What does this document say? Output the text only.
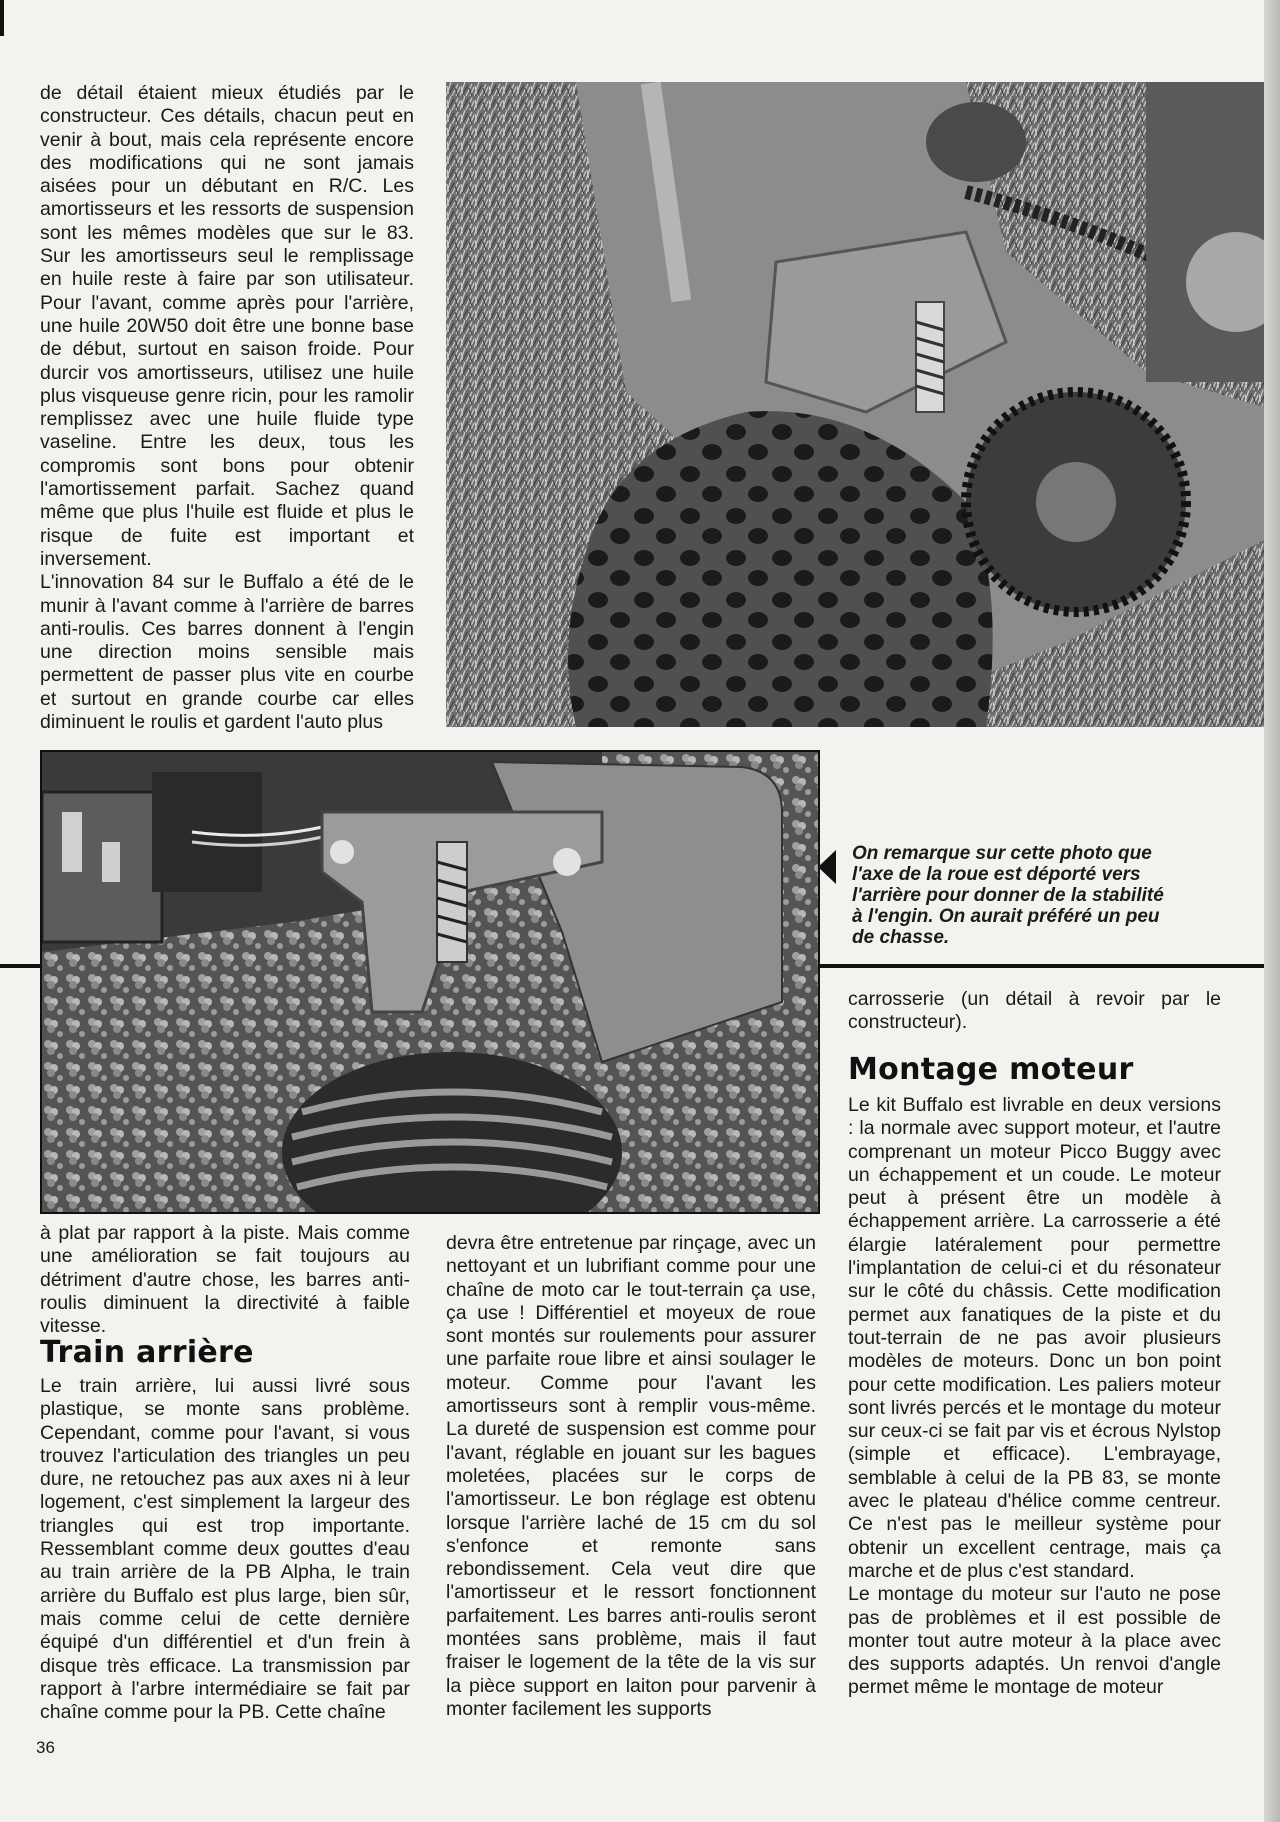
de détail étaient mieux étudiés par le constructeur. Ces détails, chacun peut en venir à bout, mais cela représente encore des modifications qui ne sont jamais aisées pour un débutant en R/C. Les amortisseurs et les ressorts de suspension sont les mêmes modèles que sur le 83. Sur les amortisseurs seul le remplissage en huile reste à faire par son utilisateur. Pour l'avant, comme après pour l'arrière, une huile 20W50 doit être une bonne base de début, surtout en saison froide. Pour durcir vos amortisseurs, utilisez une huile plus visqueuse genre ricin, pour les ramolir remplissez avec une huile fluide type vaseline. Entre les deux, tous les compromis sont bons pour obtenir l'amortissement parfait. Sachez quand même que plus l'huile est fluide et plus le risque de fuite est important et inversement.

L'innovation 84 sur le Buffalo a été de le munir à l'avant comme à l'arrière de barres anti-roulis. Ces barres donnent à l'engin une direction moins sensible mais permettent de passer plus vite en courbe et surtout en grande courbe car elles diminuent le roulis et gardent l'auto plus

On remarque sur cette photo que l'axe de la roue est déporté vers l'arrière pour donner de la stabilité à l'engin. On aurait préféré un peu de chasse.

à plat par rapport à la piste. Mais comme une amélioration se fait toujours au détriment d'autre chose, les barres anti-roulis diminuent la directivité à faible vitesse.

Train arrière

Le train arrière, lui aussi livré sous plastique, se monte sans problème. Cependant, comme pour l'avant, si vous trouvez l'articulation des triangles un peu dure, ne retouchez pas aux axes ni à leur logement, c'est simplement la largeur des triangles qui est trop importante. Ressemblant comme deux gouttes d'eau au train arrière de la PB Alpha, le train arrière du Buffalo est plus large, bien sûr, mais comme celui de cette dernière équipé d'un différentiel et d'un frein à disque très efficace. La transmission par rapport à l'arbre intermédiaire se fait par chaîne comme pour la PB. Cette chaîne

devra être entretenue par rinçage, avec un nettoyant et un lubrifiant comme pour une chaîne de moto car le tout-terrain ça use, ça use ! Différentiel et moyeux de roue sont montés sur roulements pour assurer une parfaite roue libre et ainsi soulager le moteur. Comme pour l'avant les amortisseurs sont à remplir vous-même. La dureté de suspension est comme pour l'avant, réglable en jouant sur les bagues moletées, placées sur le corps de l'amortisseur. Le bon réglage est obtenu lorsque l'arrière laché de 15 cm du sol s'enfonce et remonte sans rebondissement. Cela veut dire que l'amortisseur et le ressort fonctionnent parfaitement. Les barres anti-roulis seront montées sans problème, mais il faut fraiser le logement de la tête de la vis sur la pièce support en laiton pour parvenir à monter facilement les supports

carrosserie (un détail à revoir par le constructeur).

Montage moteur

Le kit Buffalo est livrable en deux versions : la normale avec support moteur, et l'autre comprenant un moteur Picco Buggy avec un échappement et un coude. Le moteur peut à présent être un modèle à échappement arrière. La carrosserie a été élargie latéralement pour permettre l'implantation de celui-ci et du résonateur sur le côté du châssis. Cette modification permet aux fanatiques de la piste et du tout-terrain de ne pas avoir plusieurs modèles de moteurs. Donc un bon point pour cette modification. Les paliers moteur sont livrés percés et le montage du moteur sur ceux-ci se fait par vis et écrous Nylstop (simple et efficace). L'embrayage, semblable à celui de la PB 83, se monte avec le plateau d'hélice comme centreur. Ce n'est pas le meilleur système pour obtenir un excellent centrage, mais ça marche et de plus c'est standard.

Le montage du moteur sur l'auto ne pose pas de problèmes et il est possible de monter tout autre moteur à la place avec des supports adaptés. Un renvoi d'angle permet même le montage de moteur

36
